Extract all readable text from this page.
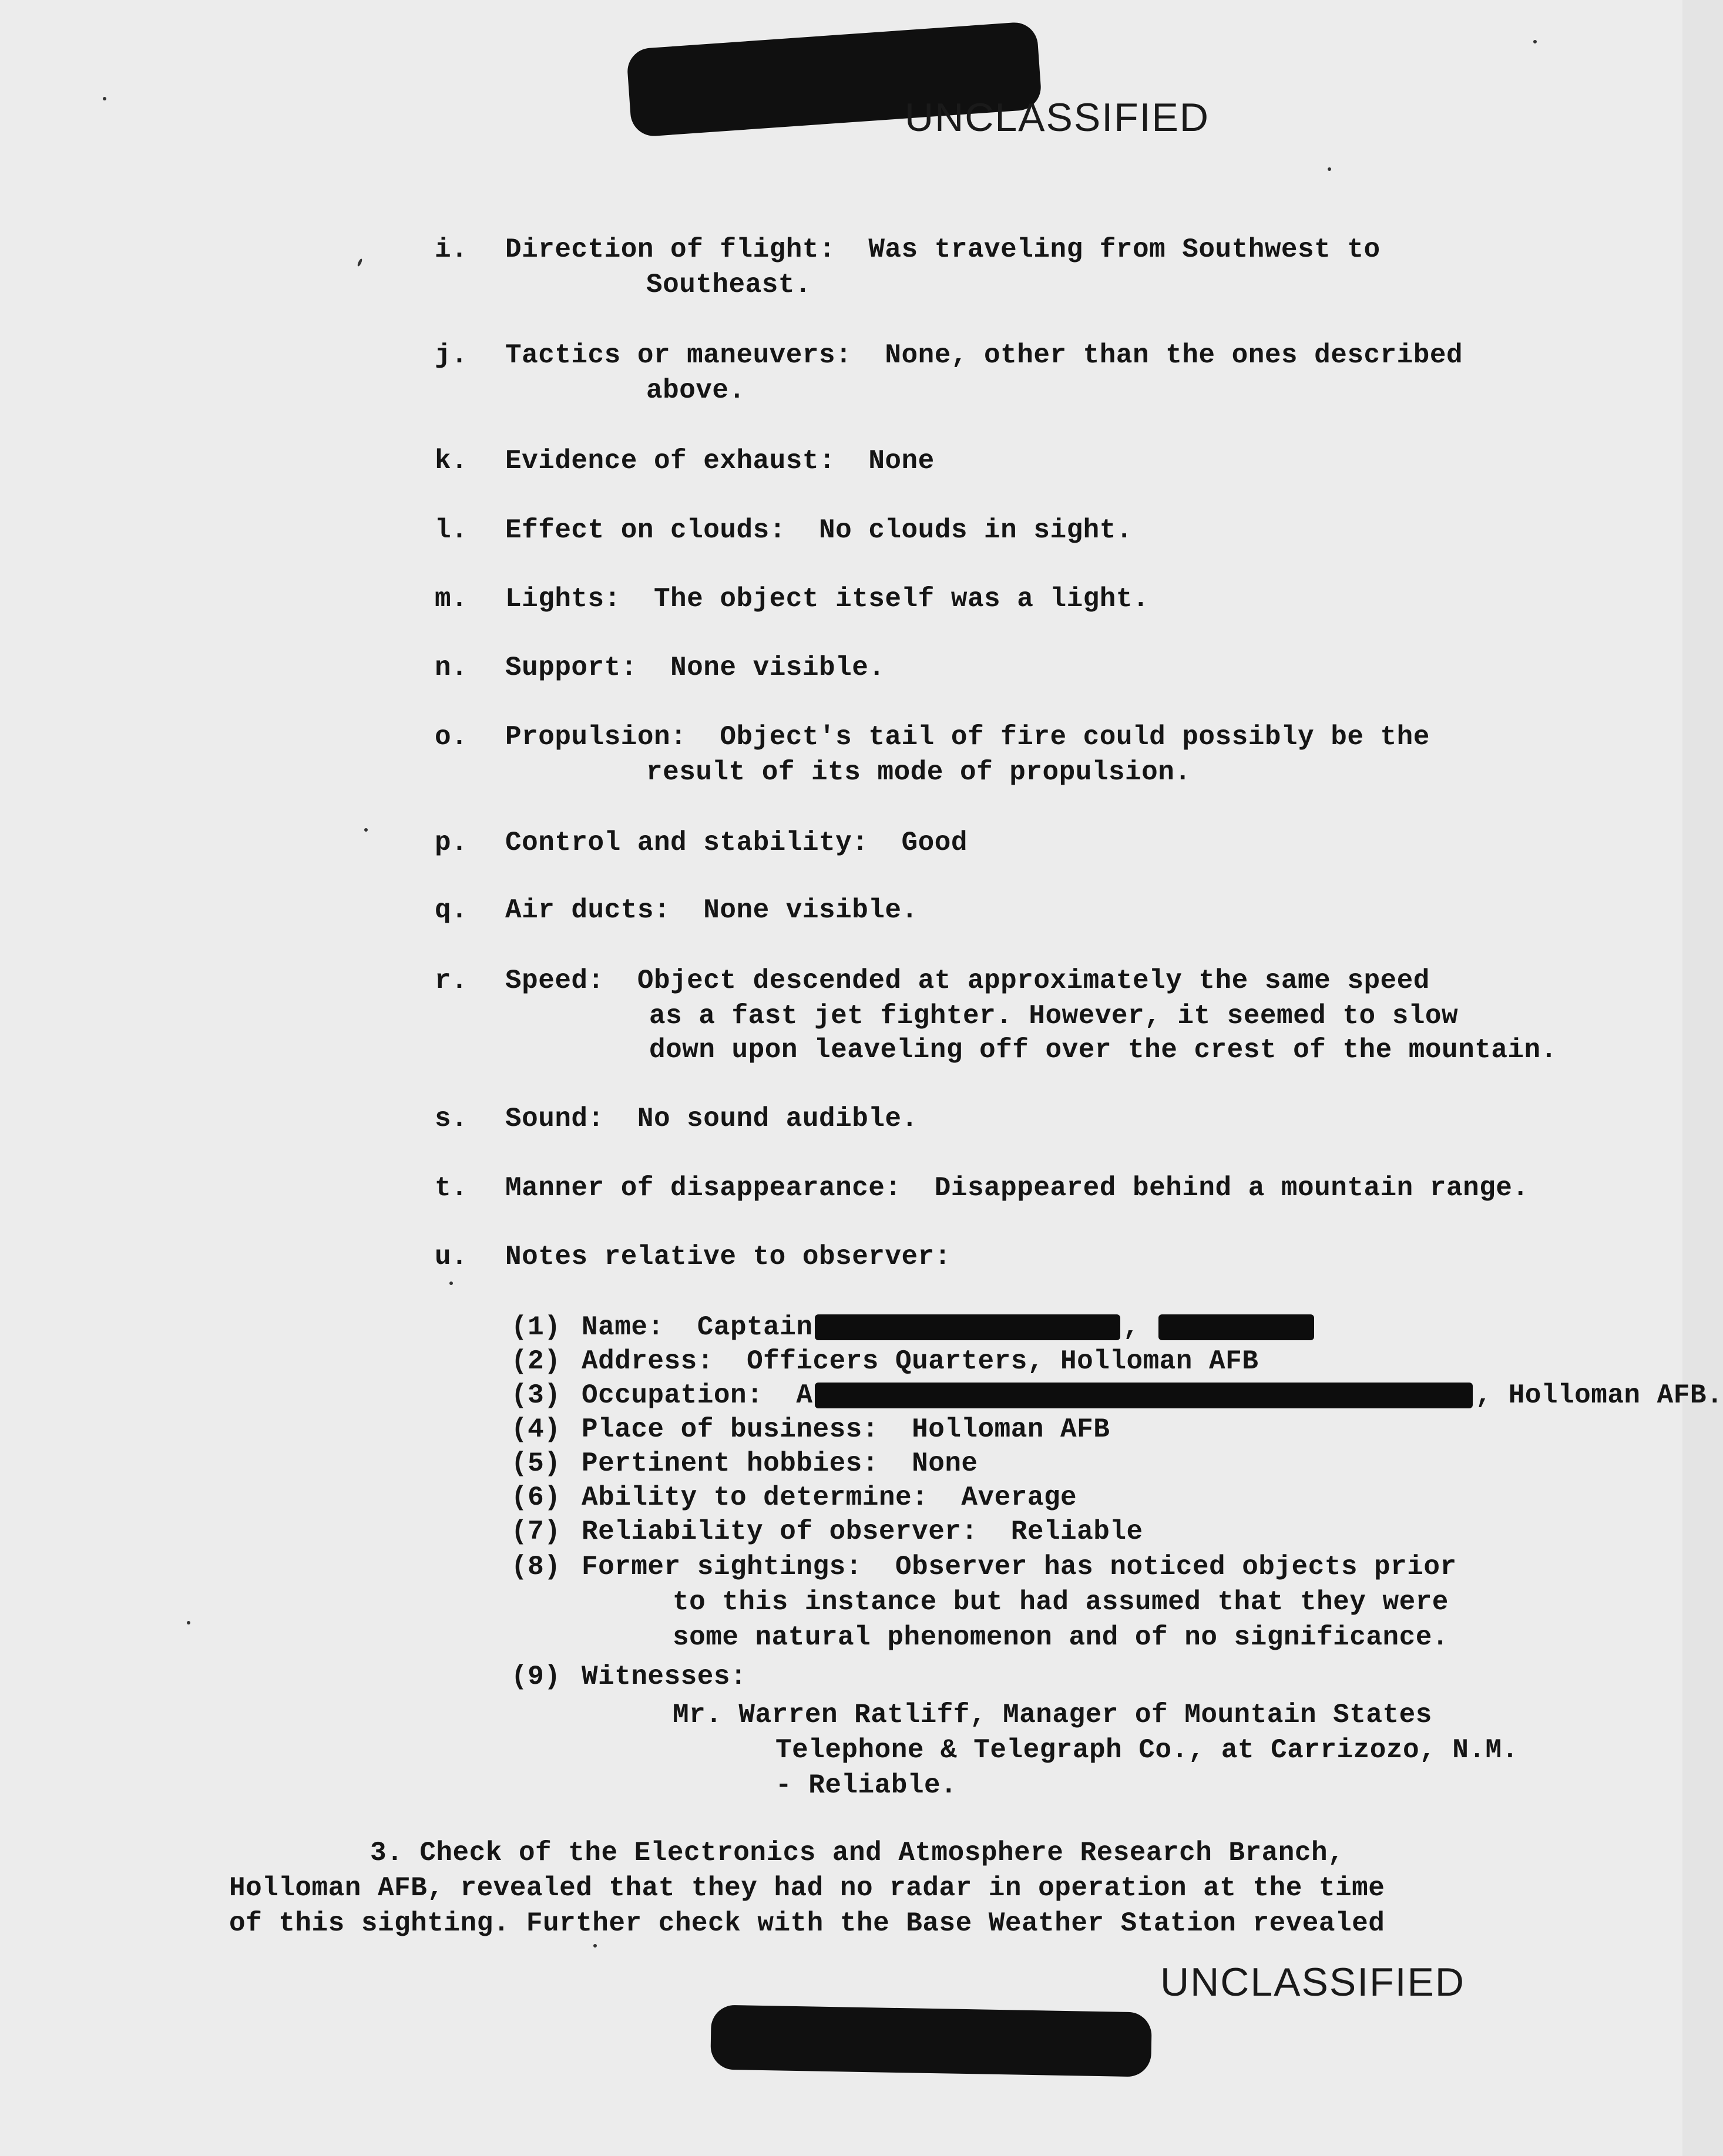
UNCLASSIFIED
i. Direction of flight: Was traveling from Southwest to
Southeast.
j. Tactics or maneuvers: None, other than the ones described
above.
k. Evidence of exhaust: None
l. Effect on clouds: No clouds in sight.
m. Lights: The object itself was a light.
n. Support: None visible.
o. Propulsion: Object's tail of fire could possibly be the
result of its mode of propulsion.
p. Control and stability: Good
q. Air ducts: None visible.
r. Speed: Object descended at approximately the same speed
as a fast jet fighter. However, it seemed to slow
down upon leaveling off over the crest of the mountain.
s. Sound: No sound audible.
t. Manner of disappearance: Disappeared behind a mountain range.
u. Notes relative to observer:
(1) Name: Captain	,
(2) Address: Officers Quarters, Holloman AFB
(3) Occupation: A	, Holloman AFB.
(4) Place of business: Holloman AFB
(5) Pertinent hobbies: None
(6) Ability to determine: Average
(7) Reliability of observer: Reliable
(8) Former sightings: Observer has noticed objects prior
to this instance but had assumed that they were
some natural phenomenon and of no significance.
(9) Witnesses:
Mr. Warren Ratliff, Manager of Mountain States
Telephone & Telegraph Co., at Carrizozo, N.M.
- Reliable.
3. Check of the Electronics and Atmosphere Research Branch,
Holloman AFB, revealed that they had no radar in operation at the time
of this sighting. Further check with the Base Weather Station revealed
UNCLASSIFIED
